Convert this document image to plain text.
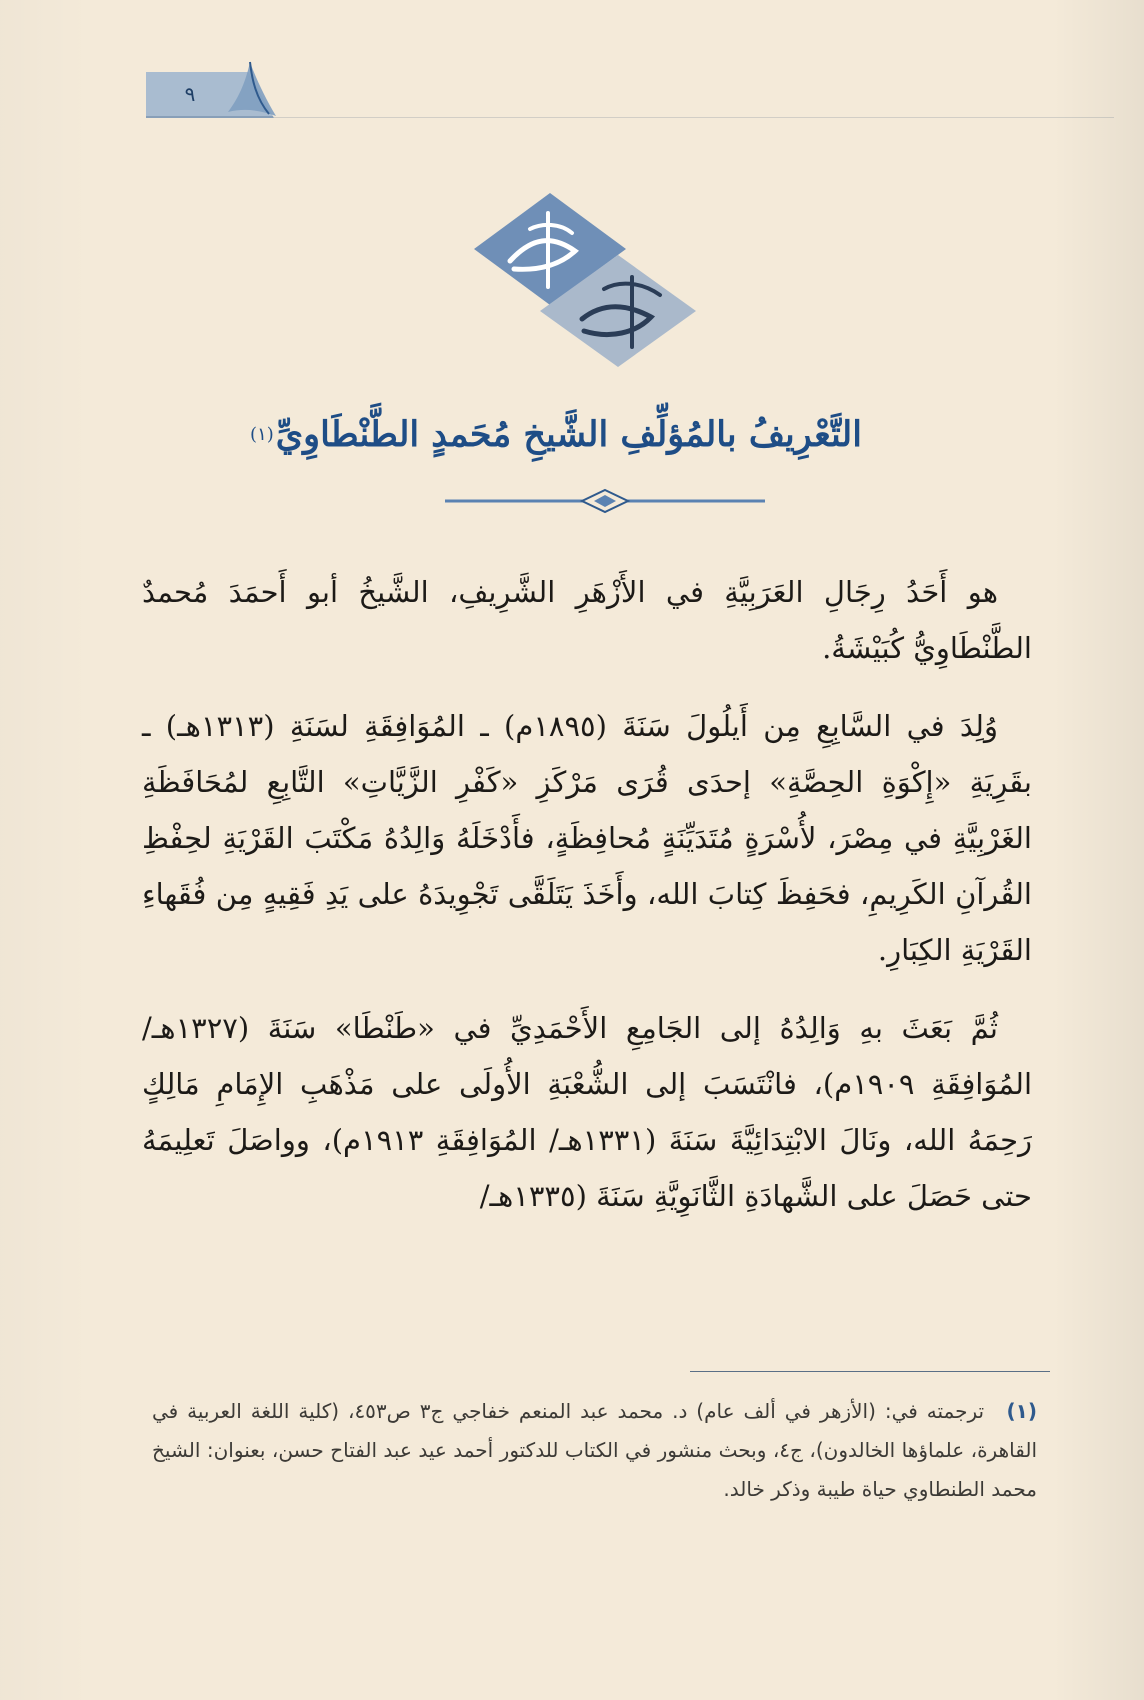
٩
التَّعْرِيفُ بالمُؤلِّفِ الشَّيخِ مُحَمدٍ الطَّنْطَاوِيِّ(١)

هو أَحَدُ رِجَالِ العَرَبِيَّةِ في الأَزْهَرِ الشَّرِيفِ، الشَّيخُ أبو أَحمَدَ مُحمدٌ الطَّنْطَاوِيُّ كُبَيْشَةُ.

وُلِدَ في السَّابِعِ مِن أَيلُولَ سَنَةَ (١٨٩٥م) ـ المُوَافِقَةِ لسَنَةِ (١٣١٣هـ) ـ بقَرِيَةِ «إِكْوَةِ الحِصَّةِ» إحدَى قُرَى مَرْكَزِ «كَفْرِ الزَّيَّاتِ» التَّابِعِ لمُحَافَظَةِ الغَرْبِيَّةِ في مِصْرَ، لأُسْرَةٍ مُتَدَيِّنَةٍ مُحافِظَةٍ، فأَدْخَلَهُ وَالِدُهُ مَكْتَبَ القَرْيَةِ لحِفْظِ القُرآنِ الكَرِيمِ، فحَفِظَ كِتابَ الله، وأَخَذَ يَتَلَقَّى تَجْوِيدَهُ على يَدِ فَقِيهٍ مِن فُقَهاءِ القَرْيَةِ الكِبَارِ.

ثُمَّ بَعَثَ بهِ وَالِدُهُ إلى الجَامِعِ الأَحْمَدِيِّ في «طَنْطَا» سَنَةَ (١٣٢٧هـ/المُوَافِقَةِ ١٩٠٩م)، فانْتَسَبَ إلى الشُّعْبَةِ الأُولَى على مَذْهَبِ الإِمَامِ مَالِكٍ رَحِمَهُ الله، ونَالَ الابْتِدَائِيَّةَ سَنَةَ (١٣٣١هـ/ المُوَافِقَةِ ١٩١٣م)، وواصَلَ تَعلِيمَهُ حتى حَصَلَ على الشَّهادَةِ الثَّانَوِيَّةِ سَنَةَ (١٣٣٥هـ/

(١) ترجمته في: (الأزهر في ألف عام) د. محمد عبد المنعم خفاجي ج٣ ص٤٥٣، (كلية اللغة العربية في القاهرة، علماؤها الخالدون)، ج٤، وبحث منشور في الكتاب للدكتور أحمد عيد عبد الفتاح حسن، بعنوان: الشيخ محمد الطنطاوي حياة طيبة وذكر خالد.
